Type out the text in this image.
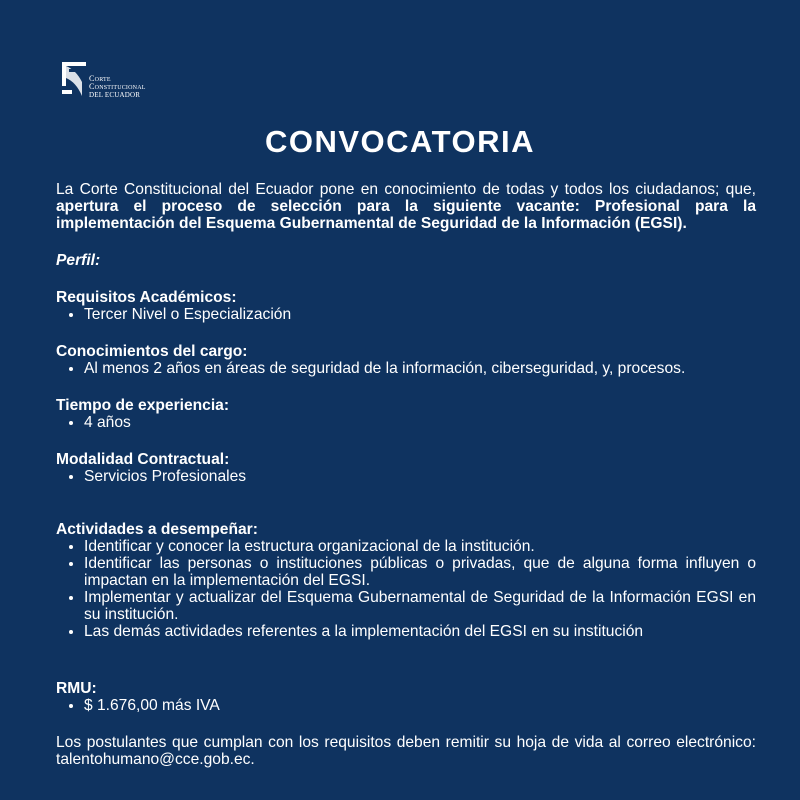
Corte
Constitucional
DEL ECUADOR
CONVOCATORIA
La Corte Constitucional del Ecuador pone en conocimiento de todas y todos los ciudadanos; que, apertura el proceso de selección para la siguiente vacante: Profesional para la implementación del Esquema Gubernamental de Seguridad de la Información (EGSI).
Perfil:
Requisitos Académicos:
• Tercer Nivel o Especialización
Conocimientos del cargo:
• Al menos 2 años en áreas de seguridad de la información, ciberseguridad, y, procesos.
Tiempo de experiencia:
• 4 años
Modalidad Contractual:
• Servicios Profesionales
Actividades a desempeñar:
• Identificar y conocer la estructura organizacional de la institución.
• Identificar las personas o instituciones públicas o privadas, que de alguna forma influyen o impactan en la implementación del EGSI.
• Implementar y actualizar del Esquema Gubernamental de Seguridad de la Información EGSI en su institución.
• Las demás actividades referentes a la implementación del EGSI en su institución
RMU:
• $ 1.676,00 más IVA
Los postulantes que cumplan con los requisitos deben remitir su hoja de vida al correo electrónico: talentohumano@cce.gob.ec.
